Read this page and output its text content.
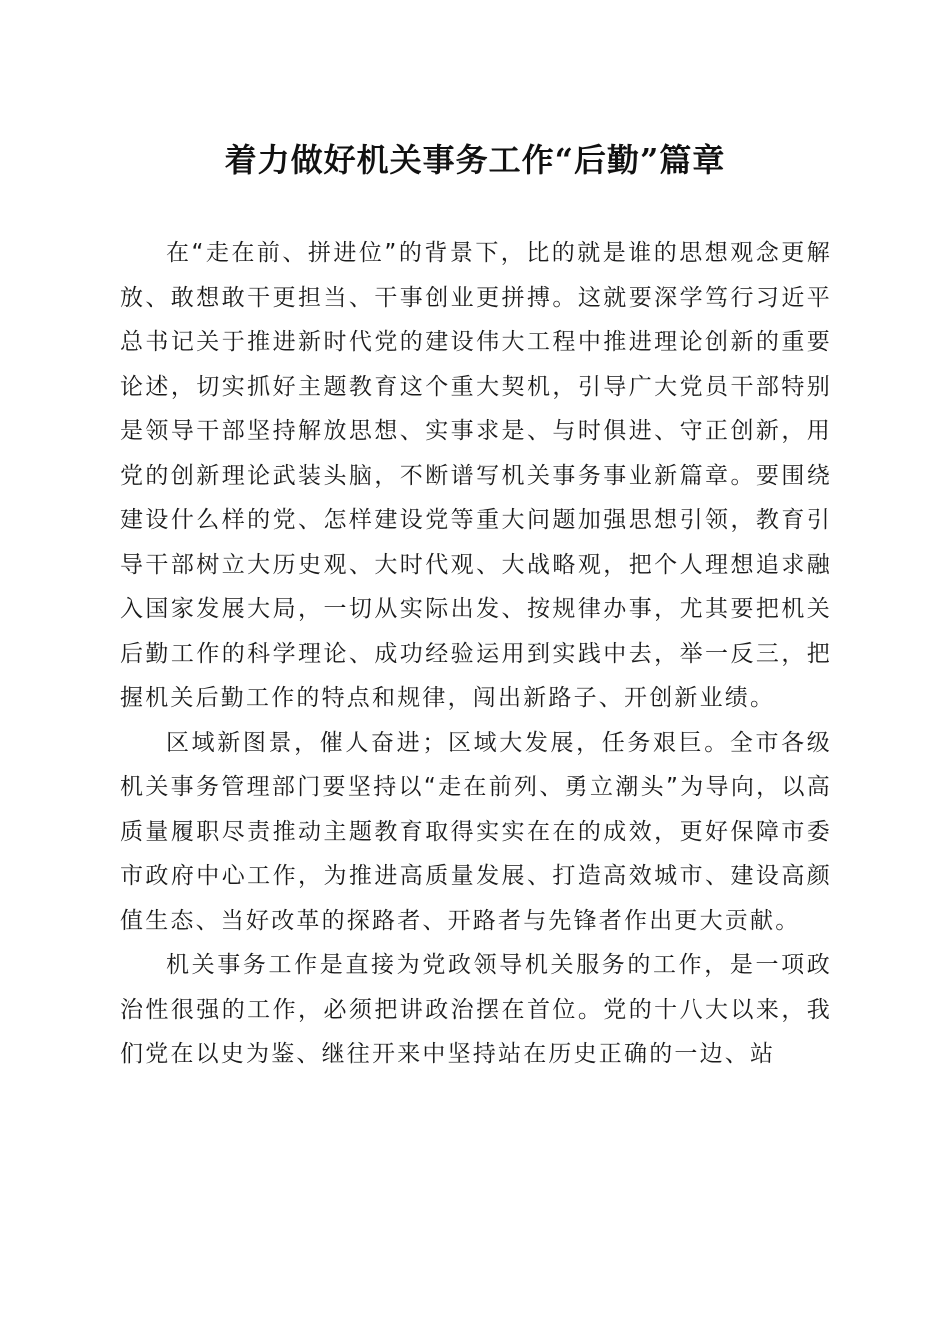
着力做好机关事务工作“后勤”篇章

在“走在前、拼进位”的背景下，比的就是谁的思想观念更解放、敢想敢干更担当、干事创业更拼搏。这就要深学笃行习近平总书记关于推进新时代党的建设伟大工程中推进理论创新的重要论述，切实抓好主题教育这个重大契机，引导广大党员干部特别是领导干部坚持解放思想、实事求是、与时俱进、守正创新，用党的创新理论武装头脑，不断谱写机关事务事业新篇章。要围绕建设什么样的党、怎样建设党等重大问题加强思想引领，教育引导干部树立大历史观、大时代观、大战略观，把个人理想追求融入国家发展大局，一切从实际出发、按规律办事，尤其要把机关后勤工作的科学理论、成功经验运用到实践中去，举一反三，把握机关后勤工作的特点和规律，闯出新路子、开创新业绩。

区域新图景，催人奋进；区域大发展，任务艰巨。全市各级机关事务管理部门要坚持以“走在前列、勇立潮头”为导向，以高质量履职尽责推动主题教育取得实实在在的成效，更好保障市委市政府中心工作，为推进高质量发展、打造高效城市、建设高颜值生态、当好改革的探路者、开路者与先锋者作出更大贡献。

机关事务工作是直接为党政领导机关服务的工作，是一项政治性很强的工作，必须把讲政治摆在首位。党的十八大以来，我们党在以史为鉴、继往开来中坚持站在历史正确的一边、站
